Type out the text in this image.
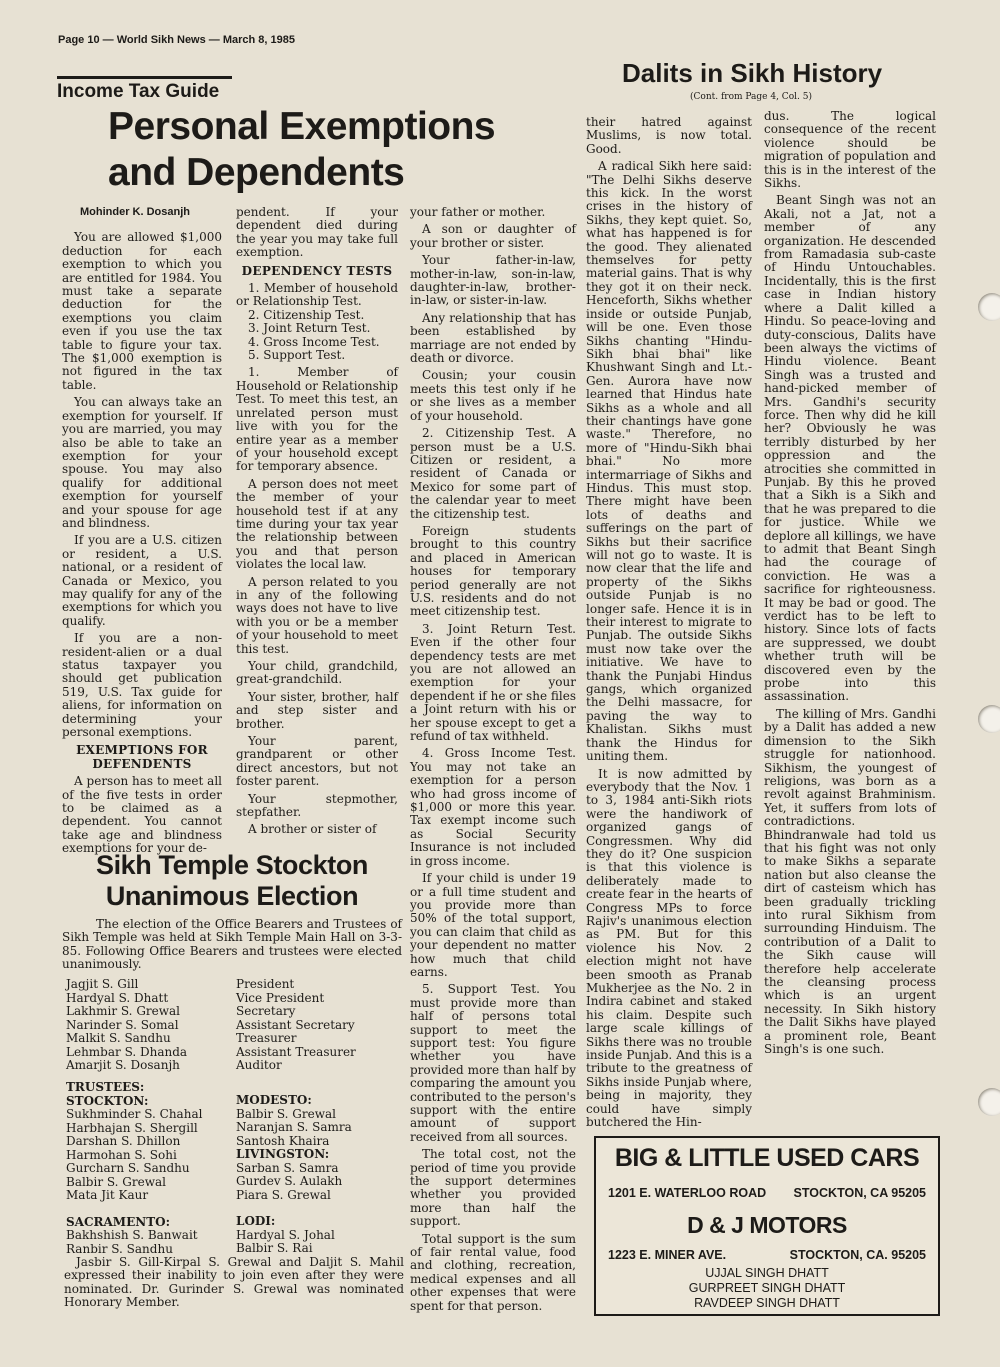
Page 10 — World Sikh News — March 8, 1985
Income Tax Guide
Personal Exemptions and Dependents
Dalits in Sikh History
(Cont. from Page 4, Col. 5)
Mohinder K. Dosanjh

You are allowed $1,000 deduction for each exemption to which you are entitled for 1984. You must take a separate deduction for the exemptions you claim even if you use the tax table to figure your tax. The $1,000 exemption is not figured in the tax table.

You can always take an exemption for yourself. If you are married, you may also be able to take an exemption for your spouse. You may also qualify for additional exemption for yourself and your spouse for age and blindness.

If you are a U.S. citizen or resident, a U.S. national, or a resident of Canada or Mexico, you may qualify for any of the exemptions for which you qualify.

If you are a non-resident-alien or a dual status taxpayer you should get publication 519, U.S. Tax guide for aliens, for information on determining your personal exemptions.

EXEMPTIONS FOR DEFENDENTS

A person has to meet all of the five tests in order to be claimed as a dependent. You cannot take age and blindness exemptions for your de-

pendent. If your dependent died during the year you may take full exemption.

DEPENDENCY TESTS
1. Member of household or Relationship Test.
2. Citizenship Test.
3. Joint Return Test.
4. Gross Income Test.
5. Support Test.

1. Member of Household or Relationship Test. To meet this test, an unrelated person must live with you for the entire year as a member of your household except for temporary absence.

A person does not meet the member of your household test if at any time during your tax year the relationship between you and that person violates the local law.

A person related to you in any of the following ways does not have to live with you or be a member of your household to meet this test.

Your child, grandchild, great-grandchild.

Your sister, brother, half and step sister and brother.

Your parent, grandparent or other direct ancestors, but not foster parent.

Your stepmother, stepfather.

A brother or sister of

your father or mother.

A son or daughter of your brother or sister.

Your father-in-law, mother-in-law, son-in-law, daughter-in-law, brother-in-law, or sister-in-law.

Any relationship that has been established by marriage are not ended by death or divorce.

Cousin; your cousin meets this test only if he or she lives as a member of your household.

2. Citizenship Test. A person must be a U.S. Citizen or resident, a resident of Canada or Mexico for some part of the calendar year to meet the citizenship test.

Foreign students brought to this country and placed in American houses for temporary period generally are not U.S. residents and do not meet citizenship test.

3. Joint Return Test. Even if the other four dependency tests are met you are not allowed an exemption for your dependent if he or she files a Joint return with his or her spouse except to get a refund of tax withheld.

4. Gross Income Test. You may not take an exemption for a person who had gross income of $1,000 or more this year. Tax exempt income such as Social Security Insurance is not included in gross income.

If your child is under 19 or a full time student and you provide more than 50% of the total support, you can claim that child as your dependent no matter how much that child earns.

5. Support Test. You must provide more than half of persons total support to meet the support test: You figure whether you have provided more than half by comparing the amount you contributed to the person's support with the entire amount of support received from all sources.

The total cost, not the period of time you provide the support determines whether you provided more than half the support.

Total support is the sum of fair rental value, food and clothing, recreation, medical expenses and all other expenses that were spent for that person.

their hatred against Muslims, is now total. Good.

A radical Sikh here said: "The Delhi Sikhs deserve this kick. In the worst crises in the history of Sikhs, they kept quiet. So, what has happened is for the good. They alienated themselves for petty material gains. That is why they got it on their neck. Henceforth, Sikhs whether inside or outside Punjab, will be one. Even those Sikhs chanting "Hindu-Sikh bhai bhai" like Khushwant Singh and Lt.-Gen. Aurora have now learned that Hindus hate Sikhs as a whole and all their chantings have gone waste." Therefore, no more of "Hindu-Sikh bhai bhai." No more intermarriage of Sikhs and Hindus. This must stop. There might have been lots of deaths and sufferings on the part of Sikhs but their sacrifice will not go to waste. It is now clear that the life and property of the Sikhs outside Punjab is no longer safe. Hence it is in their interest to migrate to Punjab. The outside Sikhs must now take over the initiative. We have to thank the Punjabi Hindus gangs, which organized the Delhi massacre, for paving the way to Khalistan. Sikhs must thank the Hindus for uniting them.

It is now admitted by everybody that the Nov. 1 to 3, 1984 anti-Sikh riots were the handiwork of organized gangs of Congressmen. Why did they do it? One suspicion is that this violence is deliberately made to create fear in the hearts of Congress MPs to force Rajiv's unanimous election as PM. But for this violence his Nov. 2 election might not have been smooth as Pranab Mukherjee as the No. 2 in Indira cabinet and staked his claim. Despite such large scale killings of Sikhs there was no trouble inside Punjab. And this is a tribute to the greatness of Sikhs inside Punjab where, being in majority, they could have simply butchered the Hin-

dus. The logical consequence of the recent violence should be migration of population and this is in the interest of the Sikhs.

Beant Singh was not an Akali, not a Jat, not a member of any organization. He descended from Ramadasia sub-caste of Hindu Untouchables. Incidentally, this is the first case in Indian history where a Dalit killed a Hindu. So peace-loving and duty-conscious, Dalits have been always the victims of Hindu violence. Beant Singh was a trusted and hand-picked member of Mrs. Gandhi's security force. Then why did he kill her? Obviously he was terribly disturbed by her oppression and the atrocities she committed in Punjab. By this he proved that a Sikh is a Sikh and that he was prepared to die for justice. While we deplore all killings, we have to admit that Beant Singh had the courage of conviction. He was a sacrifice for righteousness. It may be bad or good. The verdict has to be left to history. Since lots of facts are suppressed, we doubt whether truth will be discovered even by the probe into this assassination.

The killing of Mrs. Gandhi by a Dalit has added a new dimension to the Sikh struggle for nationhood. Sikhism, the youngest of religions, was born as a revolt against Brahminism. Yet, it suffers from lots of contradictions. Bhindranwale had told us that his fight was not only to make Sikhs a separate nation but also cleanse the dirt of casteism which has been gradually trickling into rural Sikhism from surrounding Hinduism. The contribution of a Dalit to the Sikh cause will therefore help accelerate the cleansing process which is an urgent necessity. In Sikh history the Dalit Sikhs have played a prominent role, Beant Singh's is one such.

Sikh Temple Stockton Unanimous Election

The election of the Office Bearers and Trustees of Sikh Temple was held at Sikh Temple Main Hall on 3-3-85. Following Office Bearers and trustees were elected unanimously.

Jagjit S. Gill	President
Hardyal S. Dhatt	Vice President
Lakhmir S. Grewal	Secretary
Narinder S. Somal	Assistant Secretary
Malkit S. Sandhu	Treasurer
Lehmbar S. Dhanda	Assistant Treasurer
Amarjit S. Dosanjh	Auditor
TRUSTEES:
STOCKTON:
Sukhminder S. Chahal
Harbhajan S. Shergill
Darshan S. Dhillon
Harmohan S. Sohi
Gurcharn S. Sandhu
Balbir S. Grewal
Mata Jit Kaur
SACRAMENTO:
Bakhshish S. Banwait
Ranbir S. Sandhu
MODESTO:
Balbir S. Grewal
Naranjan S. Samra
Santosh Khaira
LIVINGSTON:
Sarban S. Samra
Gurdev S. Aulakh
Piara S. Grewal
LODI:
Hardyal S. Johal
Balbir S. Rai

Jasbir S. Gill-Kirpal S. Grewal and Daljit S. Mahil expressed their inability to join even after they were nominated. Dr. Gurinder S. Grewal was nominated Honorary Member.

BIG & LITTLE USED CARS
1201 E. WATERLOO ROAD STOCKTON, CA 95205
D & J MOTORS
1223 E. MINER AVE.	STOCKTON, CA. 95205
UJJAL SINGH DHATT
GURPREET SINGH DHATT
RAVDEEP SINGH DHATT
